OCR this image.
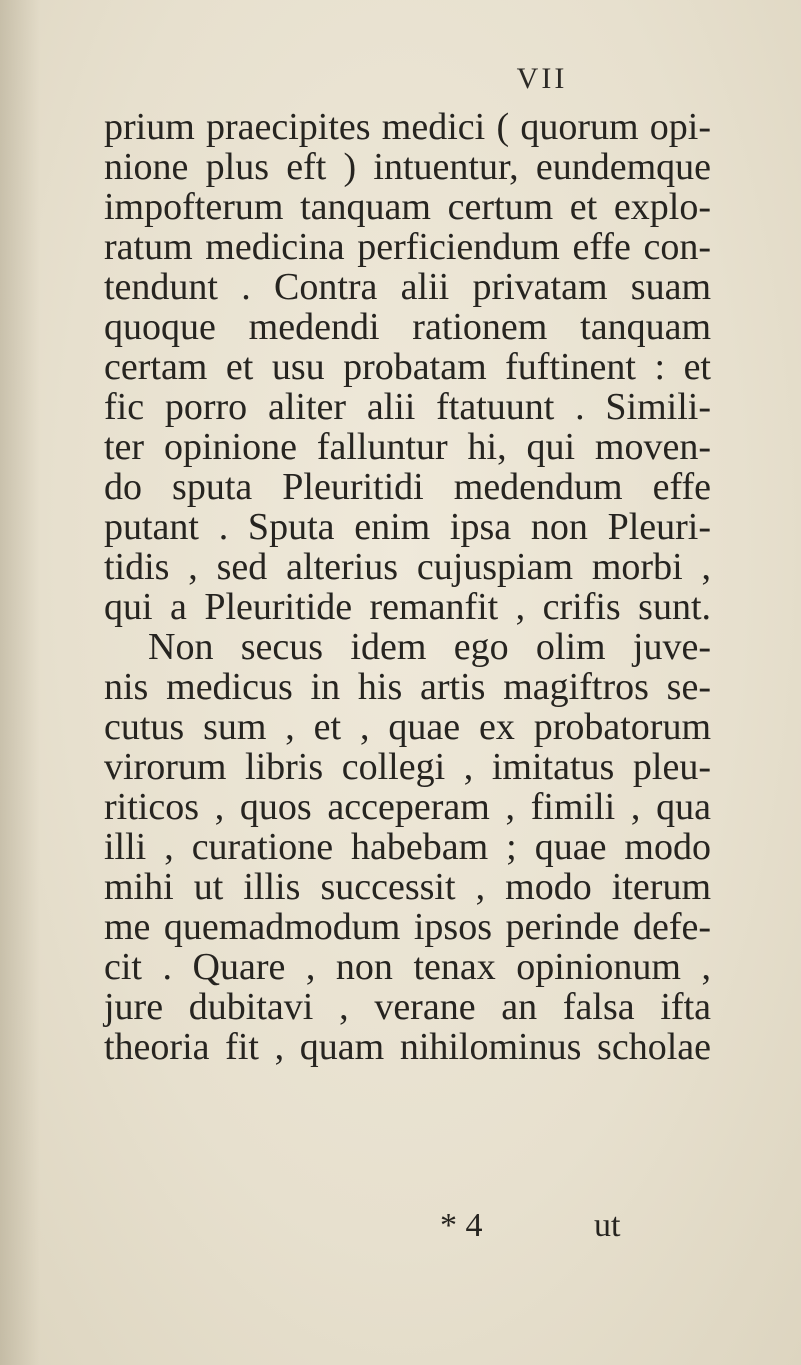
VII
prium praecipites medici ( quorum opi-
nione plus eft ) intuentur, eundemque
impofterum tanquam certum et explo-
ratum medicina perficiendum effe con-
tendunt . Contra alii privatam suam
quoque medendi rationem tanquam
certam et usu probatam fuftinent : et
fic porro aliter alii ftatuunt . Simili-
ter opinione falluntur hi, qui moven-
do sputa Pleuritidi medendum effe
putant . Sputa enim ipsa non Pleuri-
tidis , sed alterius cujuspiam morbi ,
qui a Pleuritide remanfit , crifis sunt.
Non secus idem ego olim juve-
nis medicus in his artis magiftros se-
cutus sum , et , quae ex probatorum
virorum libris collegi , imitatus pleu-
riticos , quos acceperam , fimili , qua
illi , curatione habebam ; quae modo
mihi ut illis successit , modo iterum
me quemadmodum ipsos perinde defe-
cit . Quare , non tenax opinionum ,
jure dubitavi , verane an falsa ifta
theoria fit , quam nihilominus scholae
* 4	ut
